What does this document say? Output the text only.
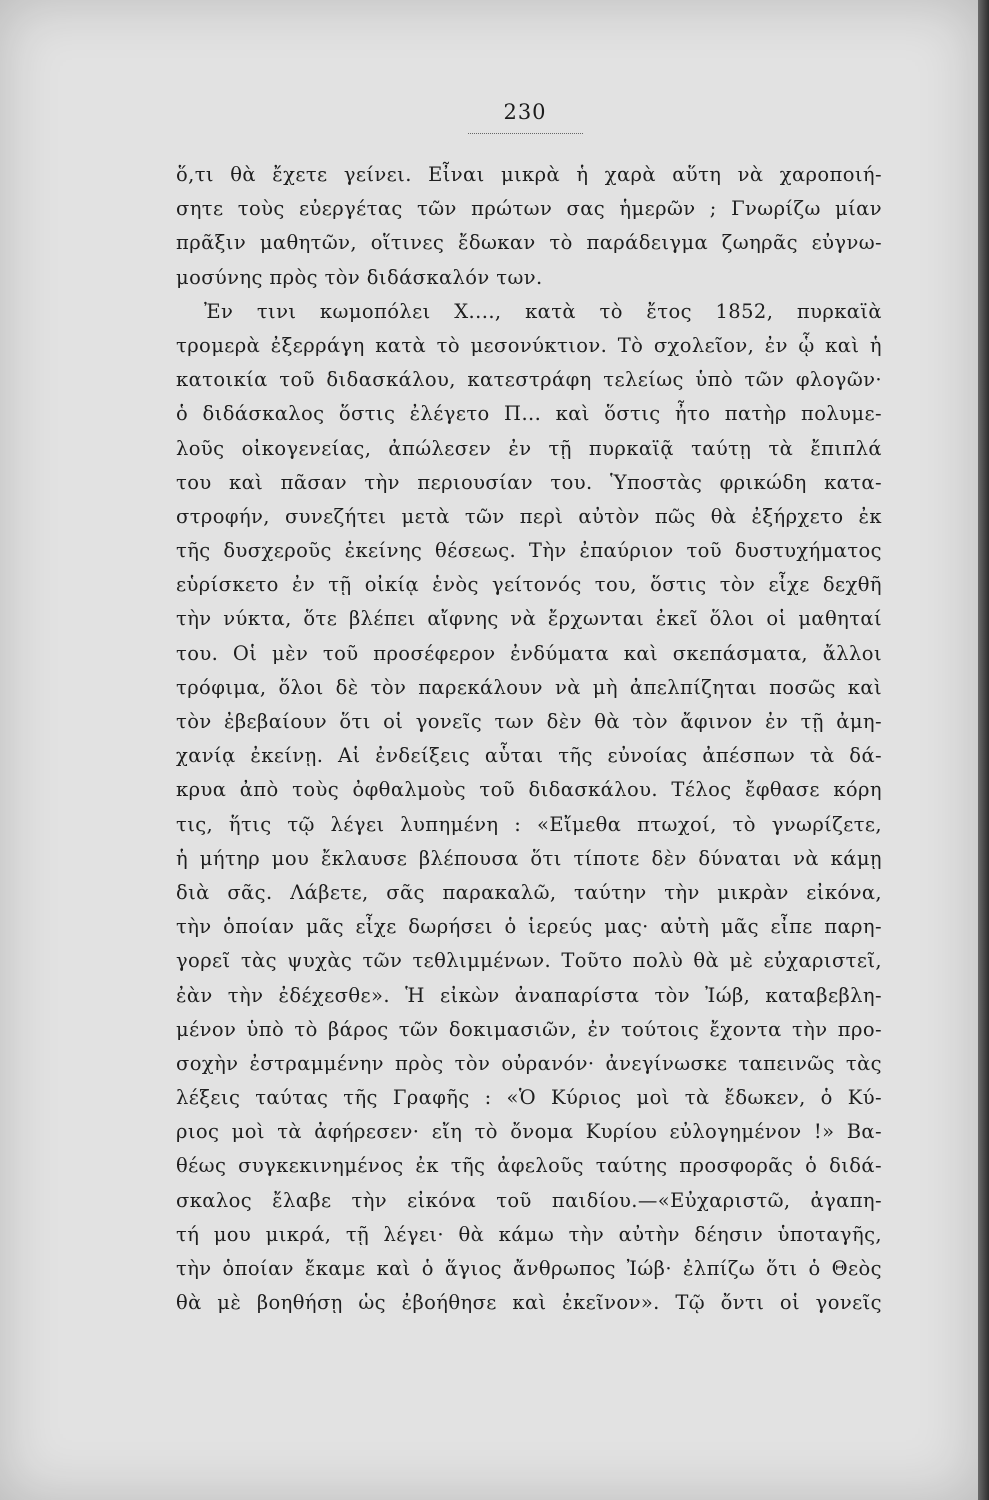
230
ὅ,τι θὰ ἔχετε γείνει. Εἶναι μικρὰ ἡ χαρὰ αὕτη νὰ χαροποιή-
σητε τοὺς εὐεργέτας τῶν πρώτων σας ἡμερῶν ; Γνωρίζω μίαν
πρᾶξιν μαθητῶν, οἵτινες ἔδωκαν τὸ παράδειγμα ζωηρᾶς εὐγνω-
μοσύνης πρὸς τὸν διδάσκαλόν των.
Ἐν τινι κωμοπόλει Χ...., κατὰ τὸ ἔτος 1852, πυρκαϊὰ
τρομερὰ ἐξερράγη κατὰ τὸ μεσονύκτιον. Τὸ σχολεῖον, ἐν ᾧ καὶ ἡ
κατοικία τοῦ διδασκάλου, κατεστράφη τελείως ὑπὸ τῶν φλογῶν·
ὁ διδάσκαλος ὅστις ἐλέγετο Π... καὶ ὅστις ἦτο πατὴρ πολυμε-
λοῦς οἰκογενείας, ἀπώλεσεν ἐν τῇ πυρκαϊᾷ ταύτῃ τὰ ἔπιπλά
του καὶ πᾶσαν τὴν περιουσίαν του. Ὑποστὰς φρικώδη κατα-
στροφήν, συνεζήτει μετὰ τῶν περὶ αὐτὸν πῶς θὰ ἐξήρχετο ἐκ
τῆς δυσχεροῦς ἐκείνης θέσεως. Τὴν ἐπαύριον τοῦ δυστυχήματος
εὑρίσκετο ἐν τῇ οἰκίᾳ ἑνὸς γείτονός του, ὅστις τὸν εἶχε δεχθῆ
τὴν νύκτα, ὅτε βλέπει αἴφνης νὰ ἔρχωνται ἐκεῖ ὅλοι οἱ μαθηταί
του. Οἱ μὲν τοῦ προσέφερον ἐνδύματα καὶ σκεπάσματα, ἄλλοι
τρόφιμα, ὅλοι δὲ τὸν παρεκάλουν νὰ μὴ ἀπελπίζηται ποσῶς καὶ
τὸν ἐβεβαίουν ὅτι οἱ γονεῖς των δὲν θὰ τὸν ἄφινον ἐν τῇ ἀμη-
χανίᾳ ἐκείνῃ. Αἱ ἐνδείξεις αὗται τῆς εὐνοίας ἀπέσπων τὰ δά-
κρυα ἀπὸ τοὺς ὀφθαλμοὺς τοῦ διδασκάλου. Τέλος ἔφθασε κόρη
τις, ἥτις τῷ λέγει λυπημένη : «Εἴμεθα πτωχοί, τὸ γνωρίζετε,
ἡ μήτηρ μου ἔκλαυσε βλέπουσα ὅτι τίποτε δὲν δύναται νὰ κάμῃ
διὰ σᾶς. Λάβετε, σᾶς παρακαλῶ, ταύτην τὴν μικρὰν εἰκόνα,
τὴν ὁποίαν μᾶς εἶχε δωρήσει ὁ ἱερεύς μας· αὐτὴ μᾶς εἶπε παρη-
γορεῖ τὰς ψυχὰς τῶν τεθλιμμένων. Τοῦτο πολὺ θὰ μὲ εὐχαριστεῖ,
ἐὰν τὴν ἐδέχεσθε». Ἡ εἰκὼν ἀναπαρίστα τὸν Ἰώβ, καταβεβλη-
μένον ὑπὸ τὸ βάρος τῶν δοκιμασιῶν, ἐν τούτοις ἔχοντα τὴν προ-
σοχὴν ἐστραμμένην πρὸς τὸν οὐρανόν· ἀνεγίνωσκε ταπεινῶς τὰς
λέξεις ταύτας τῆς Γραφῆς : «Ὁ Κύριος μοὶ τὰ ἔδωκεν, ὁ Κύ-
ριος μοὶ τὰ ἀφήρεσεν· εἴη τὸ ὄνομα Κυρίου εὐλογημένον !» Βα-
θέως συγκεκινημένος ἐκ τῆς ἀφελοῦς ταύτης προσφορᾶς ὁ διδά-
σκαλος ἔλαβε τὴν εἰκόνα τοῦ παιδίου.—«Εὐχαριστῶ, ἀγαπη-
τή μου μικρά, τῇ λέγει· θὰ κάμω τὴν αὐτὴν δέησιν ὑποταγῆς,
τὴν ὁποίαν ἔκαμε καὶ ὁ ἅγιος ἄνθρωπος Ἰώβ· ἐλπίζω ὅτι ὁ Θεὸς
θὰ μὲ βοηθήσῃ ὡς ἐβοήθησε καὶ ἐκεῖνον». Τῷ ὄντι οἱ γονεῖς
